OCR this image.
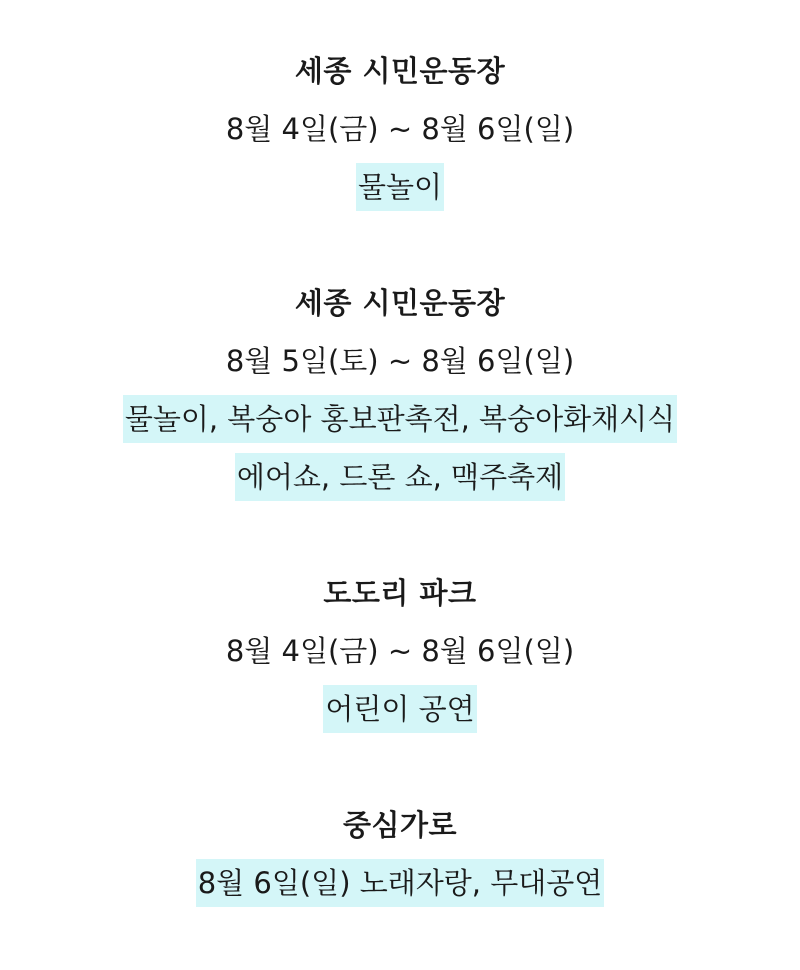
세종 시민운동장
8월 4일(금) ~ 8월 6일(일)
물놀이
세종 시민운동장
8월 5일(토) ~ 8월 6일(일)
물놀이, 복숭아 홍보판촉전, 복숭아화채시식
에어쇼, 드론 쇼, 맥주축제
도도리 파크
8월 4일(금) ~ 8월 6일(일)
어린이 공연
중심가로
8월 6일(일) 노래자랑, 무대공연
